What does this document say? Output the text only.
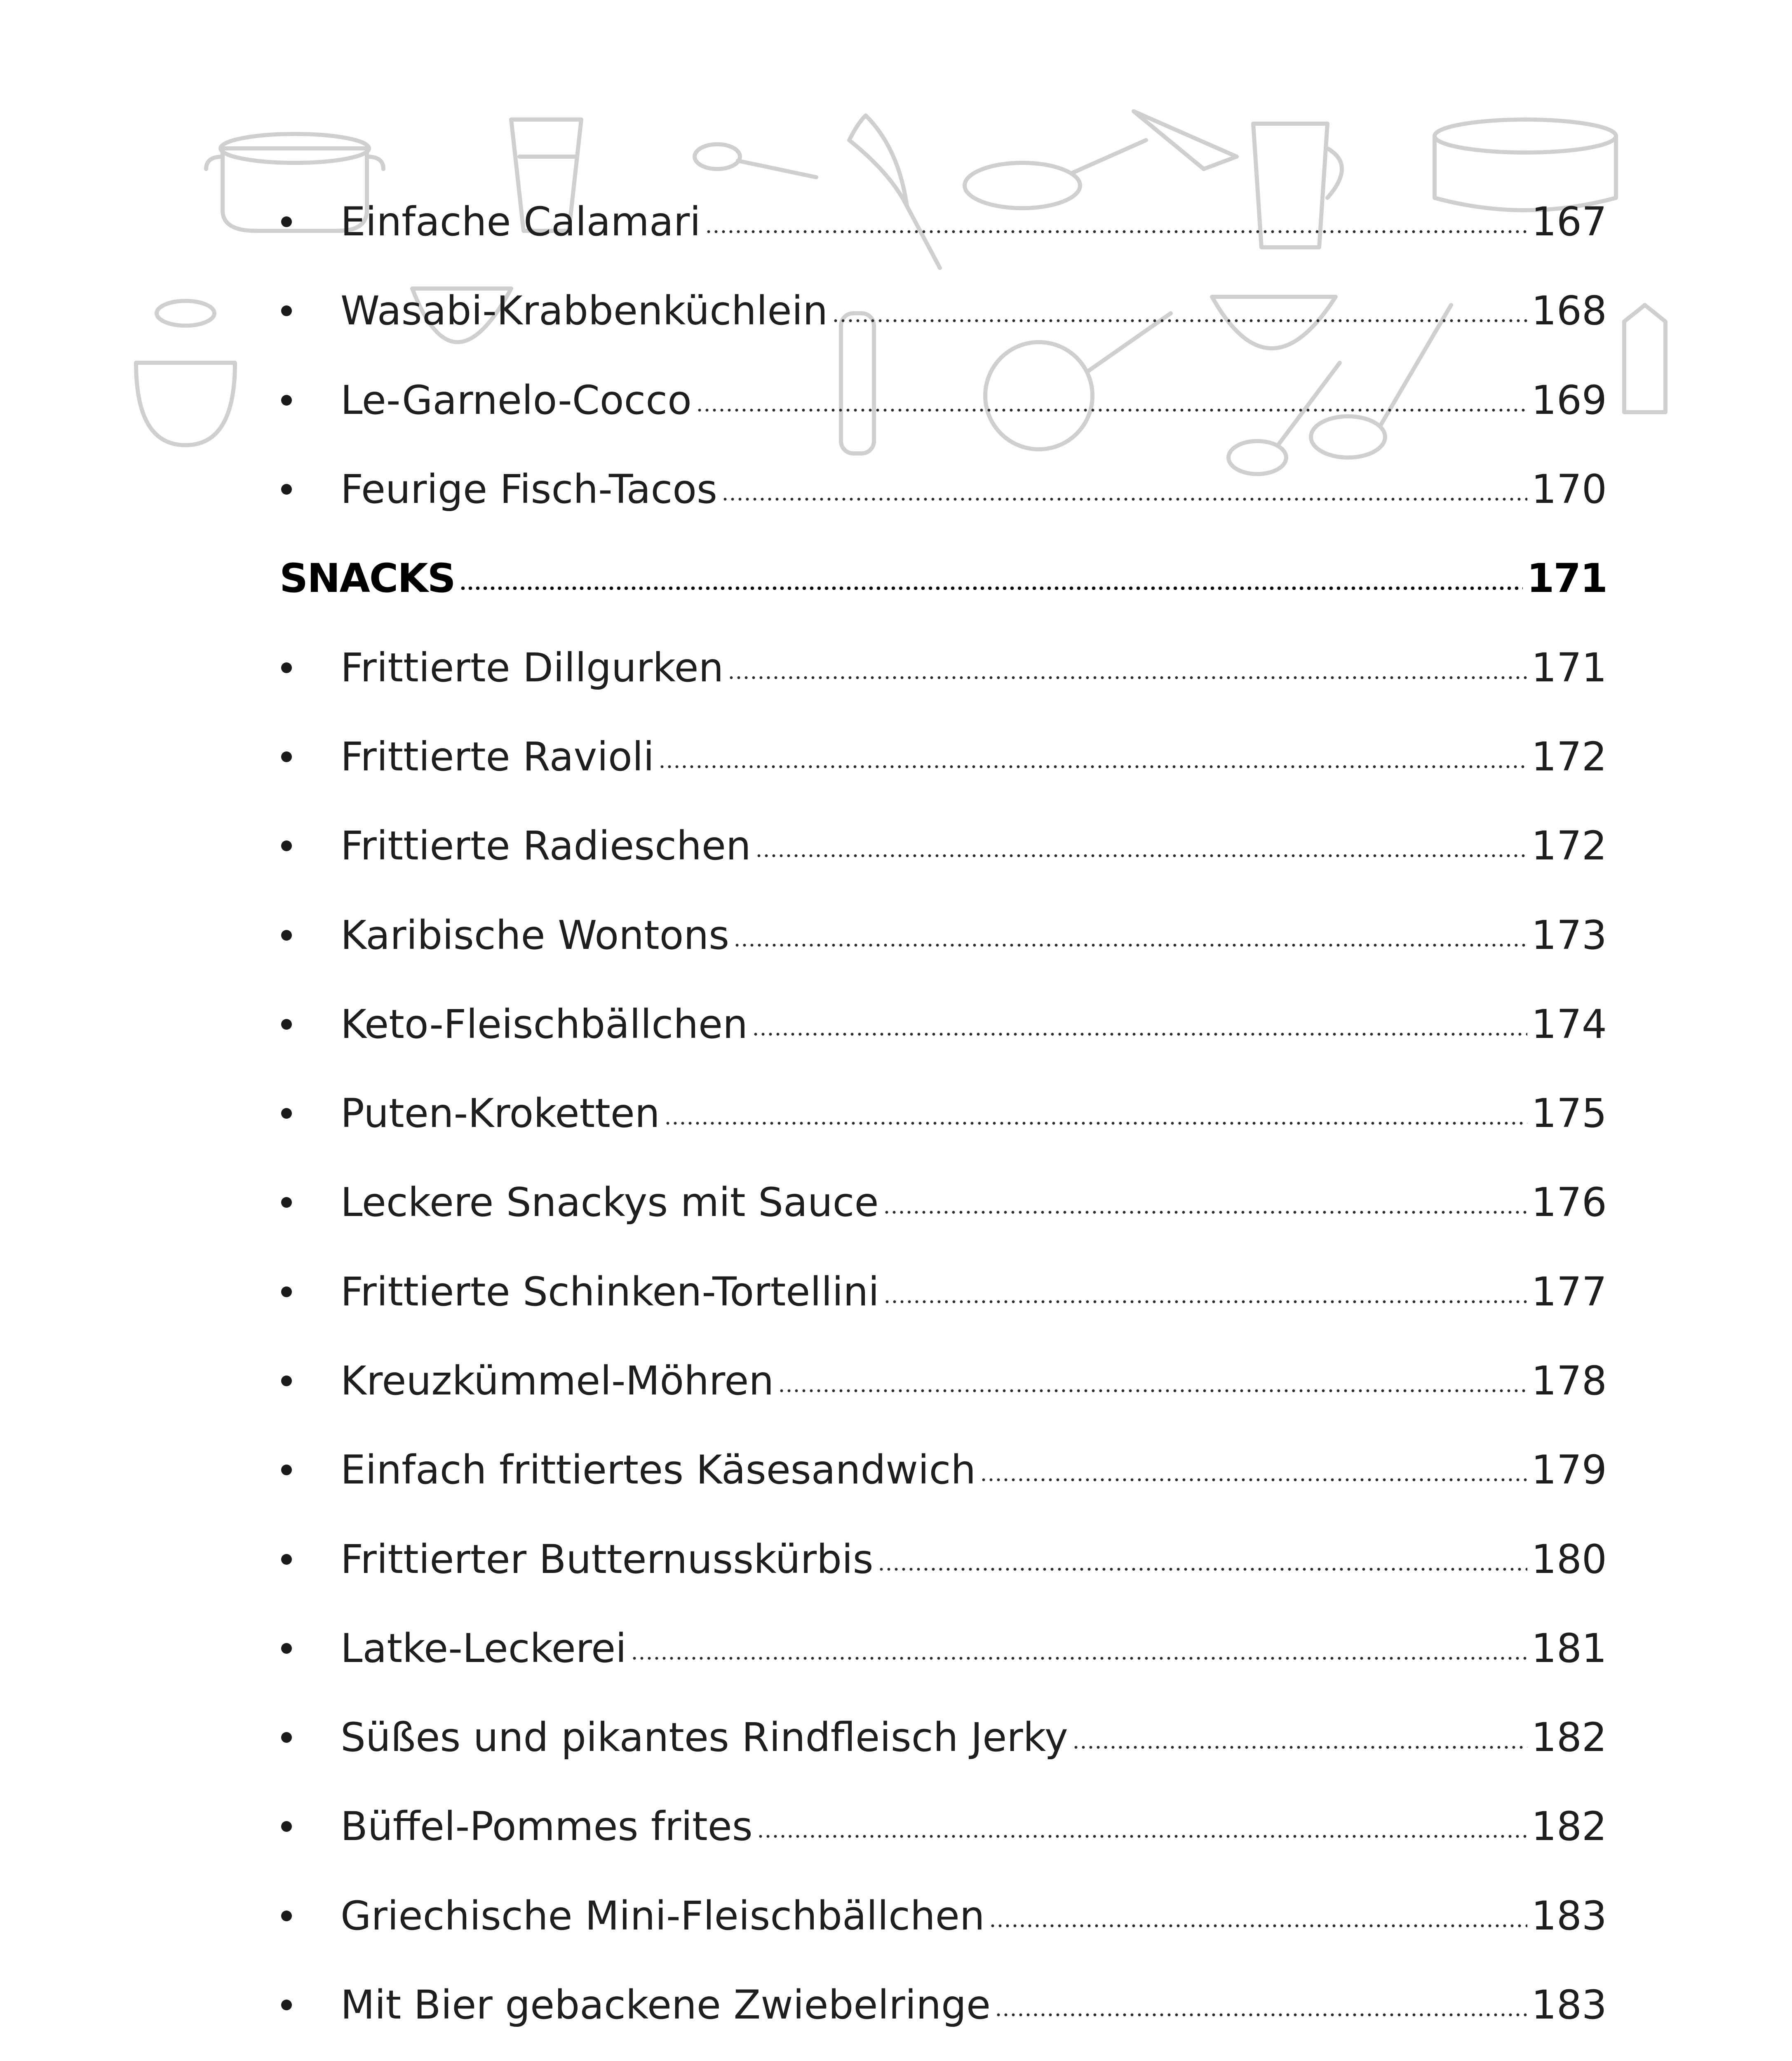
Einfache Calamari	167
Wasabi-Krabbenküchlein	168
Le-Garnelo-Cocco	169
Feurige Fisch-Tacos	170
SNACKS	171
Frittierte Dillgurken	171
Frittierte Ravioli	172
Frittierte Radieschen	172
Karibische Wontons	173
Keto-Fleischbällchen	174
Puten-Kroketten	175
Leckere Snackys mit Sauce	176
Frittierte Schinken-Tortellini	177
Kreuzkümmel-Möhren	178
Einfach frittiertes Käsesandwich	179
Frittierter Butternusskürbis	180
Latke-Leckerei	181
Süßes und pikantes Rindfleisch Jerky	182
Büffel-Pommes frites	182
Griechische Mini-Fleischbällchen	183
Mit Bier gebackene Zwiebelringe	183
